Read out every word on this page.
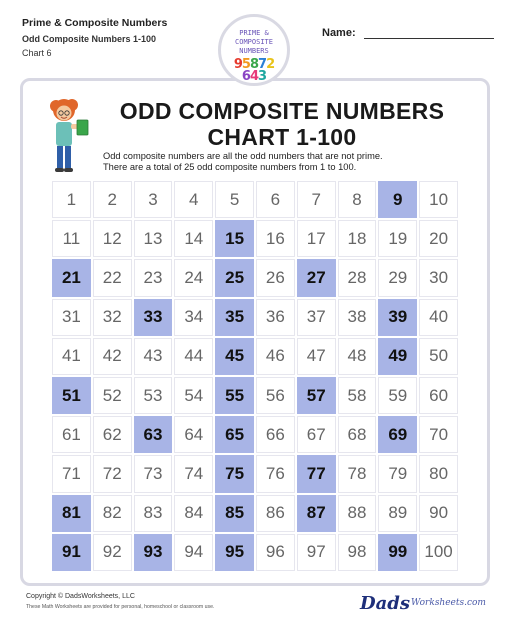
Prime & Composite Numbers
Odd Composite Numbers 1-100
Chart 6
Name:
PRIME &
COMPOSITE
NUMBERS
95872
643
ODD COMPOSITE NUMBERS
CHART 1-100
Odd composite numbers are all the odd numbers that are not prime.
There are a total of 25 odd composite numbers from 1 to 100.
1	2	3	4	5	6	7	8	9	10
11	12	13	14	15	16	17	18	19	20
21	22	23	24	25	26	27	28	29	30
31	32	33	34	35	36	37	38	39	40
41	42	43	44	45	46	47	48	49	50
51	52	53	54	55	56	57	58	59	60
61	62	63	64	65	66	67	68	69	70
71	72	73	74	75	76	77	78	79	80
81	82	83	84	85	86	87	88	89	90
91	92	93	94	95	96	97	98	99	100
Copyright © DadsWorksheets, LLC
These Math Worksheets are provided for personal, homeschool or classroom use.	Dads Worksheets.com
